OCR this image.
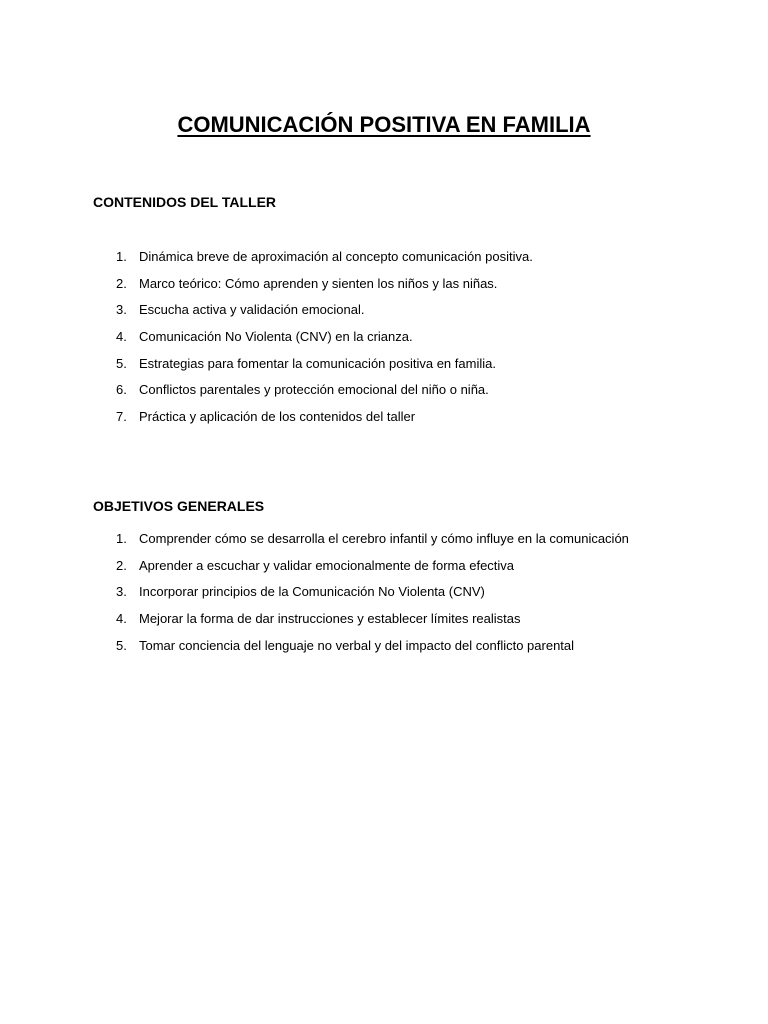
COMUNICACIÓN POSITIVA EN FAMILIA
CONTENIDOS DEL TALLER
1. Dinámica breve de aproximación al concepto comunicación positiva.
2. Marco teórico: Cómo aprenden y sienten los niños y las niñas.
3. Escucha activa y validación emocional.
4. Comunicación No Violenta (CNV) en la crianza.
5. Estrategias para fomentar la comunicación positiva en familia.
6. Conflictos parentales y protección emocional del niño o niña.
7. Práctica y aplicación de los contenidos del taller
OBJETIVOS GENERALES
1. Comprender cómo se desarrolla el cerebro infantil y cómo influye en la comunicación
2. Aprender a escuchar y validar emocionalmente de forma efectiva
3. Incorporar principios de la Comunicación No Violenta (CNV)
4. Mejorar la forma de dar instrucciones y establecer límites realistas
5. Tomar conciencia del lenguaje no verbal y del impacto del conflicto parental
